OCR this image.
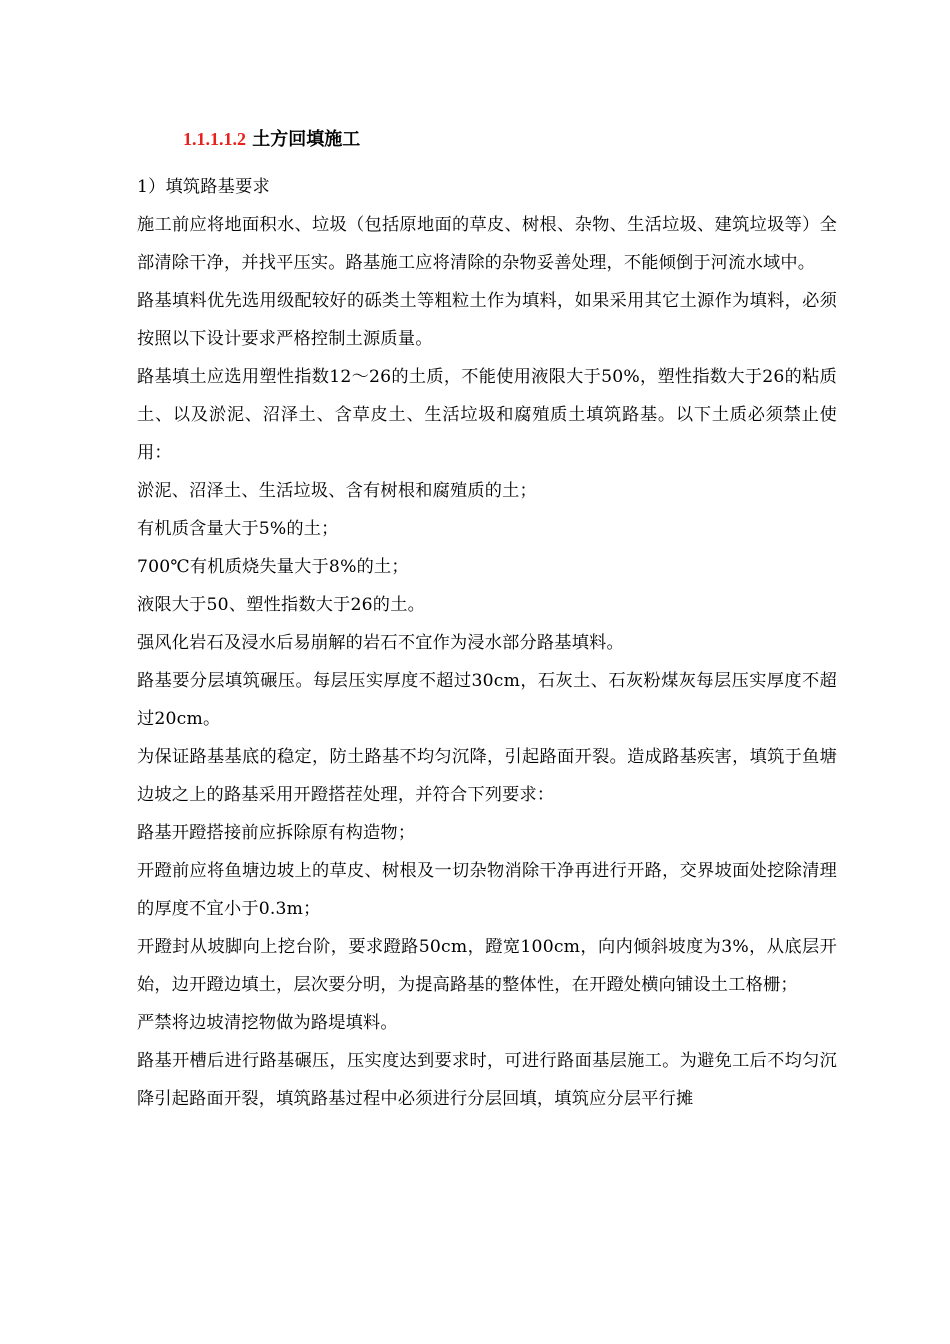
1.1.1.1.2 土方回填施工

1）填筑路基要求

施工前应将地面积水、垃圾（包括原地面的草皮、树根、杂物、生活垃圾、建筑垃圾等）全部清除干净，并找平压实。路基施工应将清除的杂物妥善处理，不能倾倒于河流水域中。

路基填料优先选用级配较好的砾类土等粗粒土作为填料，如果采用其它土源作为填料，必须按照以下设计要求严格控制土源质量。

路基填土应选用塑性指数12～26的土质，不能使用液限大于50%，塑性指数大于26的粘质土、以及淤泥、沼泽土、含草皮土、生活垃圾和腐殖质土填筑路基。以下土质必须禁止使用：

淤泥、沼泽土、生活垃圾、含有树根和腐殖质的土；

有机质含量大于5%的土；

700℃有机质烧失量大于8%的土；

液限大于50、塑性指数大于26的土。

强风化岩石及浸水后易崩解的岩石不宜作为浸水部分路基填料。

路基要分层填筑碾压。每层压实厚度不超过30cm，石灰土、石灰粉煤灰每层压实厚度不超过20cm。

为保证路基基底的稳定，防土路基不均匀沉降，引起路面开裂。造成路基疾害，填筑于鱼塘边坡之上的路基采用开蹬搭茬处理，并符合下列要求：

路基开蹬搭接前应拆除原有构造物；

开蹬前应将鱼塘边坡上的草皮、树根及一切杂物消除干净再进行开路，交界坡面处挖除清理的厚度不宜小于0.3m；

开蹬封从坡脚向上挖台阶，要求蹬路50cm，蹬宽100cm，向内倾斜坡度为3%，从底层开始，边开蹬边填土，层次要分明，为提高路基的整体性，在开蹬处横向铺设土工格栅；

严禁将边坡清挖物做为路堤填料。

路基开槽后进行路基碾压，压实度达到要求时，可进行路面基层施工。为避免工后不均匀沉降引起路面开裂，填筑路基过程中必须进行分层回填，填筑应分层平行摊
